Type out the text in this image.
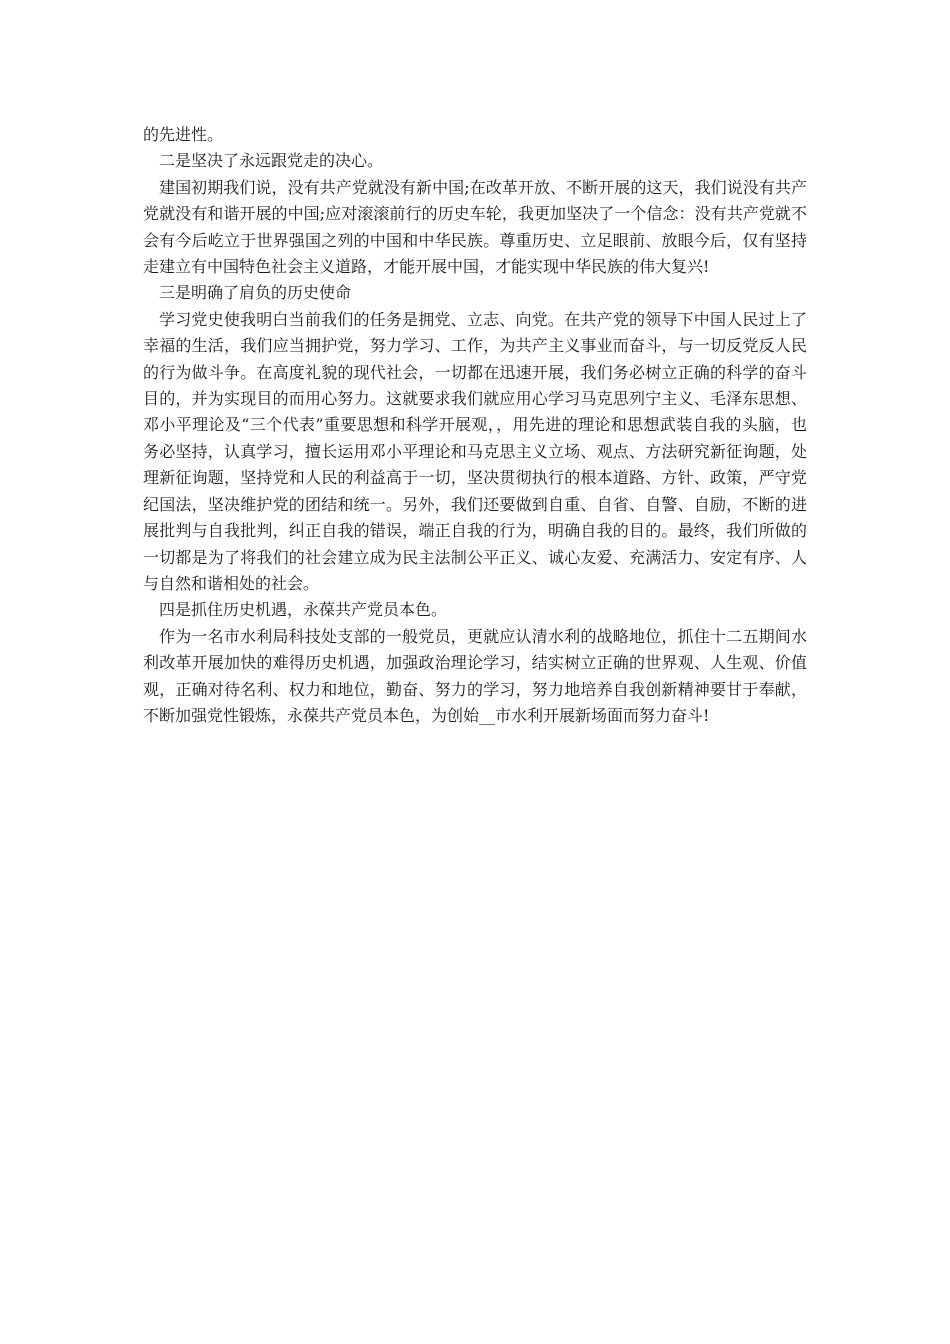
的先进性。

二是坚决了永远跟党走的决心。

建国初期我们说，没有共产党就没有新中国;在改革开放、不断开展的这天，我们说没有共产党就没有和谐开展的中国;应对滚滚前行的历史车轮，我更加坚决了一个信念：没有共产党就不会有今后屹立于世界强国之列的中国和中华民族。尊重历史、立足眼前、放眼今后，仅有坚持走建立有中国特色社会主义道路，才能开展中国，才能实现中华民族的伟大复兴!

三是明确了肩负的历史使命

学习党史使我明白当前我们的任务是拥党、立志、向党。在共产党的领导下中国人民过上了幸福的生活，我们应当拥护党，努力学习、工作，为共产主义事业而奋斗，与一切反党反人民的行为做斗争。在高度礼貌的现代社会，一切都在迅速开展，我们务必树立正确的科学的奋斗目的，并为实现目的而用心努力。这就要求我们就应用心学习马克思列宁主义、毛泽东思想、邓小平理论及“三个代表”重要思想和科学开展观，，用先进的理论和思想武装自我的头脑，也务必坚持，认真学习，擅长运用邓小平理论和马克思主义立场、观点、方法研究新征询题，处理新征询题，坚持党和人民的利益高于一切，坚决贯彻执行的根本道路、方针、政策，严守党纪国法，坚决维护党的团结和统一。另外，我们还要做到自重、自省、自警、自励，不断的进展批判与自我批判，纠正自我的错误，端正自我的行为，明确自我的目的。最终，我们所做的一切都是为了将我们的社会建立成为民主法制公平正义、诚心友爱、充满活力、安定有序、人与自然和谐相处的社会。

四是抓住历史机遇，永葆共产党员本色。

作为一名市水利局科技处支部的一般党员，更就应认清水利的战略地位，抓住十二五期间水利改革开展加快的难得历史机遇，加强政治理论学习，结实树立正确的世界观、人生观、价值观，正确对待名利、权力和地位，勤奋、努力的学习，努力地培养自我创新精神要甘于奉献，不断加强党性锻炼，永葆共产党员本色，为创始__市水利开展新场面而努力奋斗!
